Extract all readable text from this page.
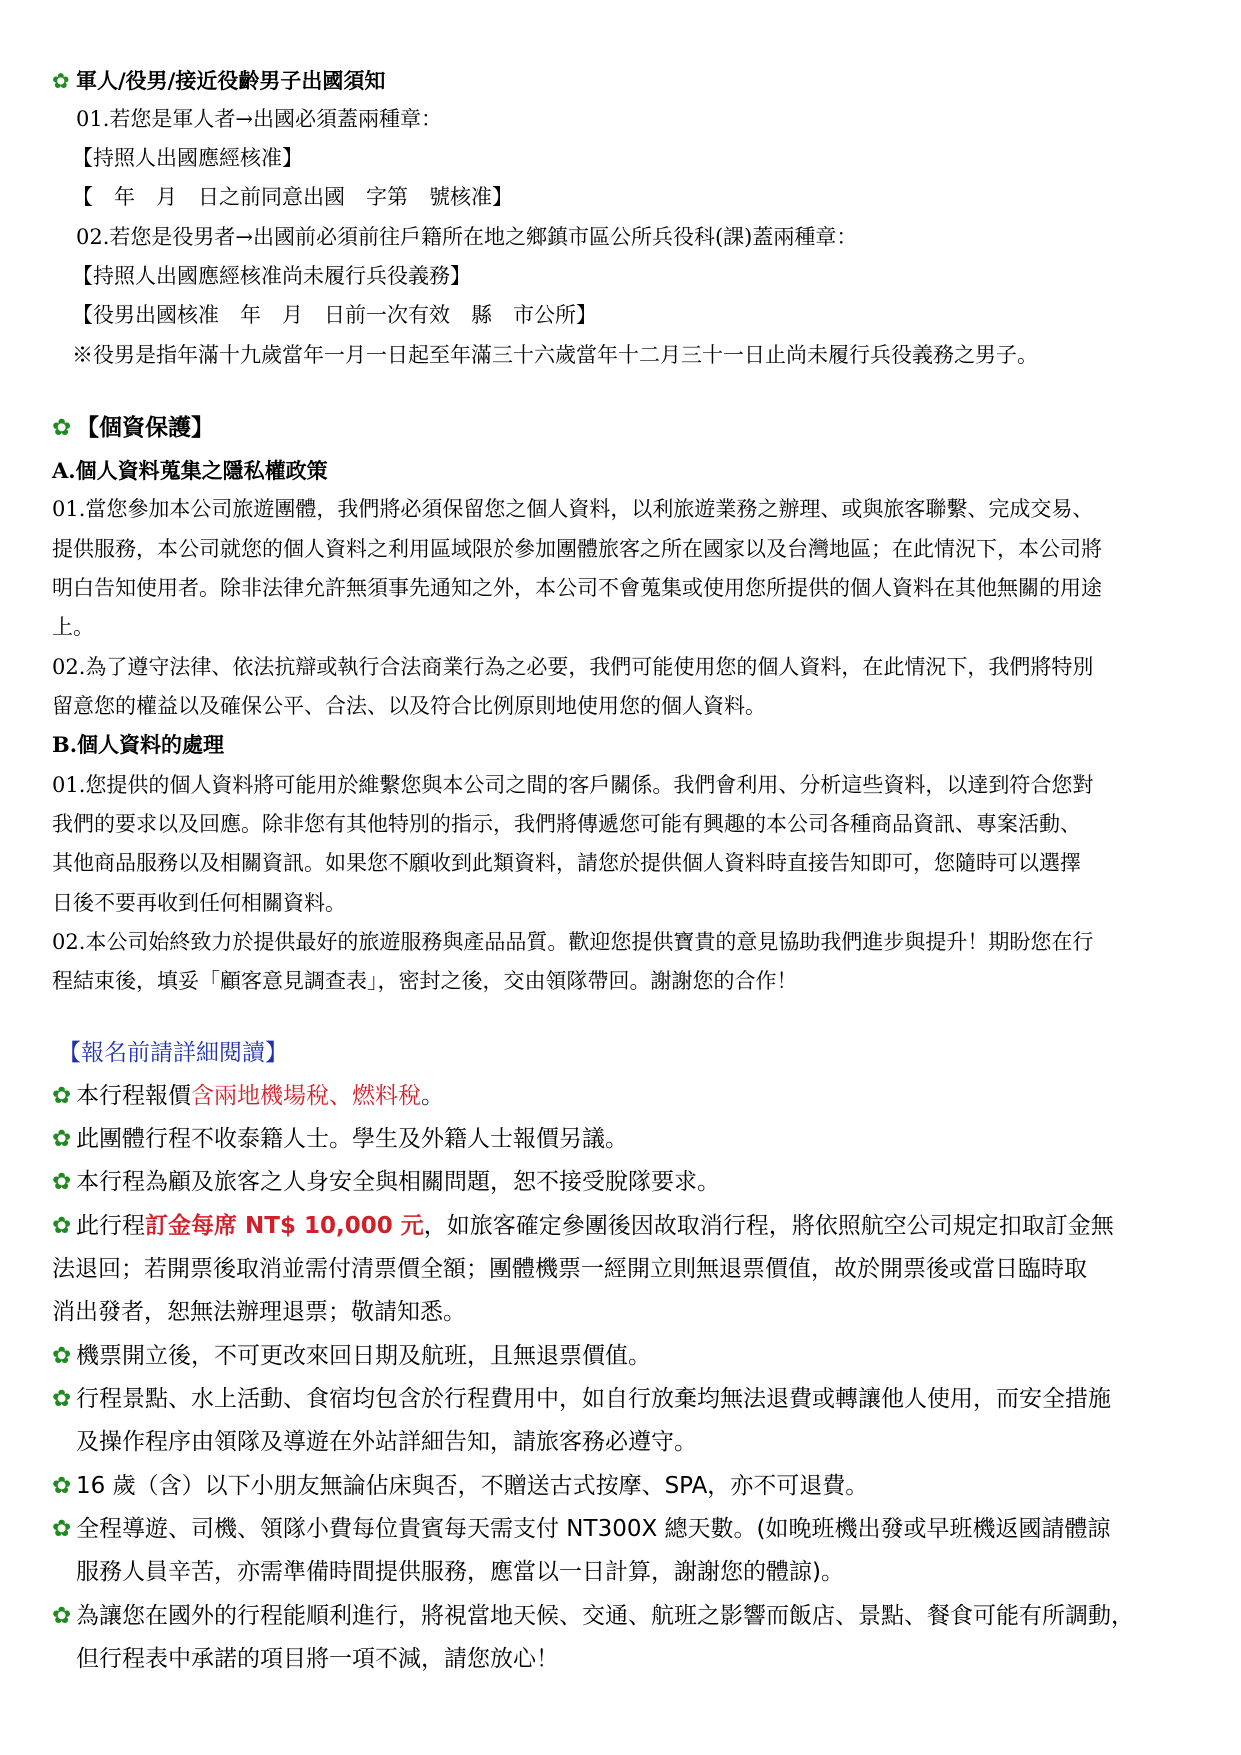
✿ 軍人/役男/接近役齡男子出國須知
01.若您是軍人者→出國必須蓋兩種章：
【持照人出國應經核准】
【　年　月　日之前同意出國　字第　號核准】
02.若您是役男者→出國前必須前往戶籍所在地之鄉鎮市區公所兵役科(課)蓋兩種章：
【持照人出國應經核准尚未履行兵役義務】
【役男出國核准　年　月　日前一次有效　縣　市公所】
※役男是指年滿十九歲當年一月一日起至年滿三十六歲當年十二月三十一日止尚未履行兵役義務之男子。
✿ 【個資保護】
A.個人資料蒐集之隱私權政策
01.當您參加本公司旅遊團體，我們將必須保留您之個人資料，以利旅遊業務之辦理、或與旅客聯繫、完成交易、
提供服務，本公司就您的個人資料之利用區域限於參加團體旅客之所在國家以及台灣地區；在此情況下，本公司將
明白告知使用者。除非法律允許無須事先通知之外，本公司不會蒐集或使用您所提供的個人資料在其他無關的用途
上。
02.為了遵守法律、依法抗辯或執行合法商業行為之必要，我們可能使用您的個人資料，在此情況下，我們將特別
留意您的權益以及確保公平、合法、以及符合比例原則地使用您的個人資料。
B.個人資料的處理
01.您提供的個人資料將可能用於維繫您與本公司之間的客戶關係。我們會利用、分析這些資料，以達到符合您對
我們的要求以及回應。除非您有其他特別的指示，我們將傳遞您可能有興趣的本公司各種商品資訊、專案活動、
其他商品服務以及相關資訊。如果您不願收到此類資料，請您於提供個人資料時直接告知即可，您隨時可以選擇
日後不要再收到任何相關資料。
02.本公司始終致力於提供最好的旅遊服務與產品品質。歡迎您提供寶貴的意見協助我們進步與提升！期盼您在行
程結束後，填妥「顧客意見調查表」，密封之後，交由領隊帶回。謝謝您的合作！
【報名前請詳細閱讀】
✿ 本行程報價含兩地機場稅、燃料稅。
✿ 此團體行程不收泰籍人士。學生及外籍人士報價另議。
✿ 本行程為顧及旅客之人身安全與相關問題，恕不接受脫隊要求。
✿ 此行程訂金每席 NT$ 10,000 元，如旅客確定參團後因故取消行程，將依照航空公司規定扣取訂金無
法退回；若開票後取消並需付清票價全額；團體機票一經開立則無退票價值，故於開票後或當日臨時取
消出發者，恕無法辦理退票；敬請知悉。
✿ 機票開立後，不可更改來回日期及航班，且無退票價值。
✿ 行程景點、水上活動、食宿均包含於行程費用中，如自行放棄均無法退費或轉讓他人使用，而安全措施
及操作程序由領隊及導遊在外站詳細告知，請旅客務必遵守。
✿ 16 歲（含）以下小朋友無論佔床與否，不贈送古式按摩、SPA，亦不可退費。
✿ 全程導遊、司機、領隊小費每位貴賓每天需支付 NT300X 總天數。(如晚班機出發或早班機返國請體諒
服務人員辛苦，亦需準備時間提供服務，應當以一日計算，謝謝您的體諒)。
✿ 為讓您在國外的行程能順利進行，將視當地天候、交通、航班之影響而飯店、景點、餐食可能有所調動，
但行程表中承諾的項目將一項不減，請您放心！
